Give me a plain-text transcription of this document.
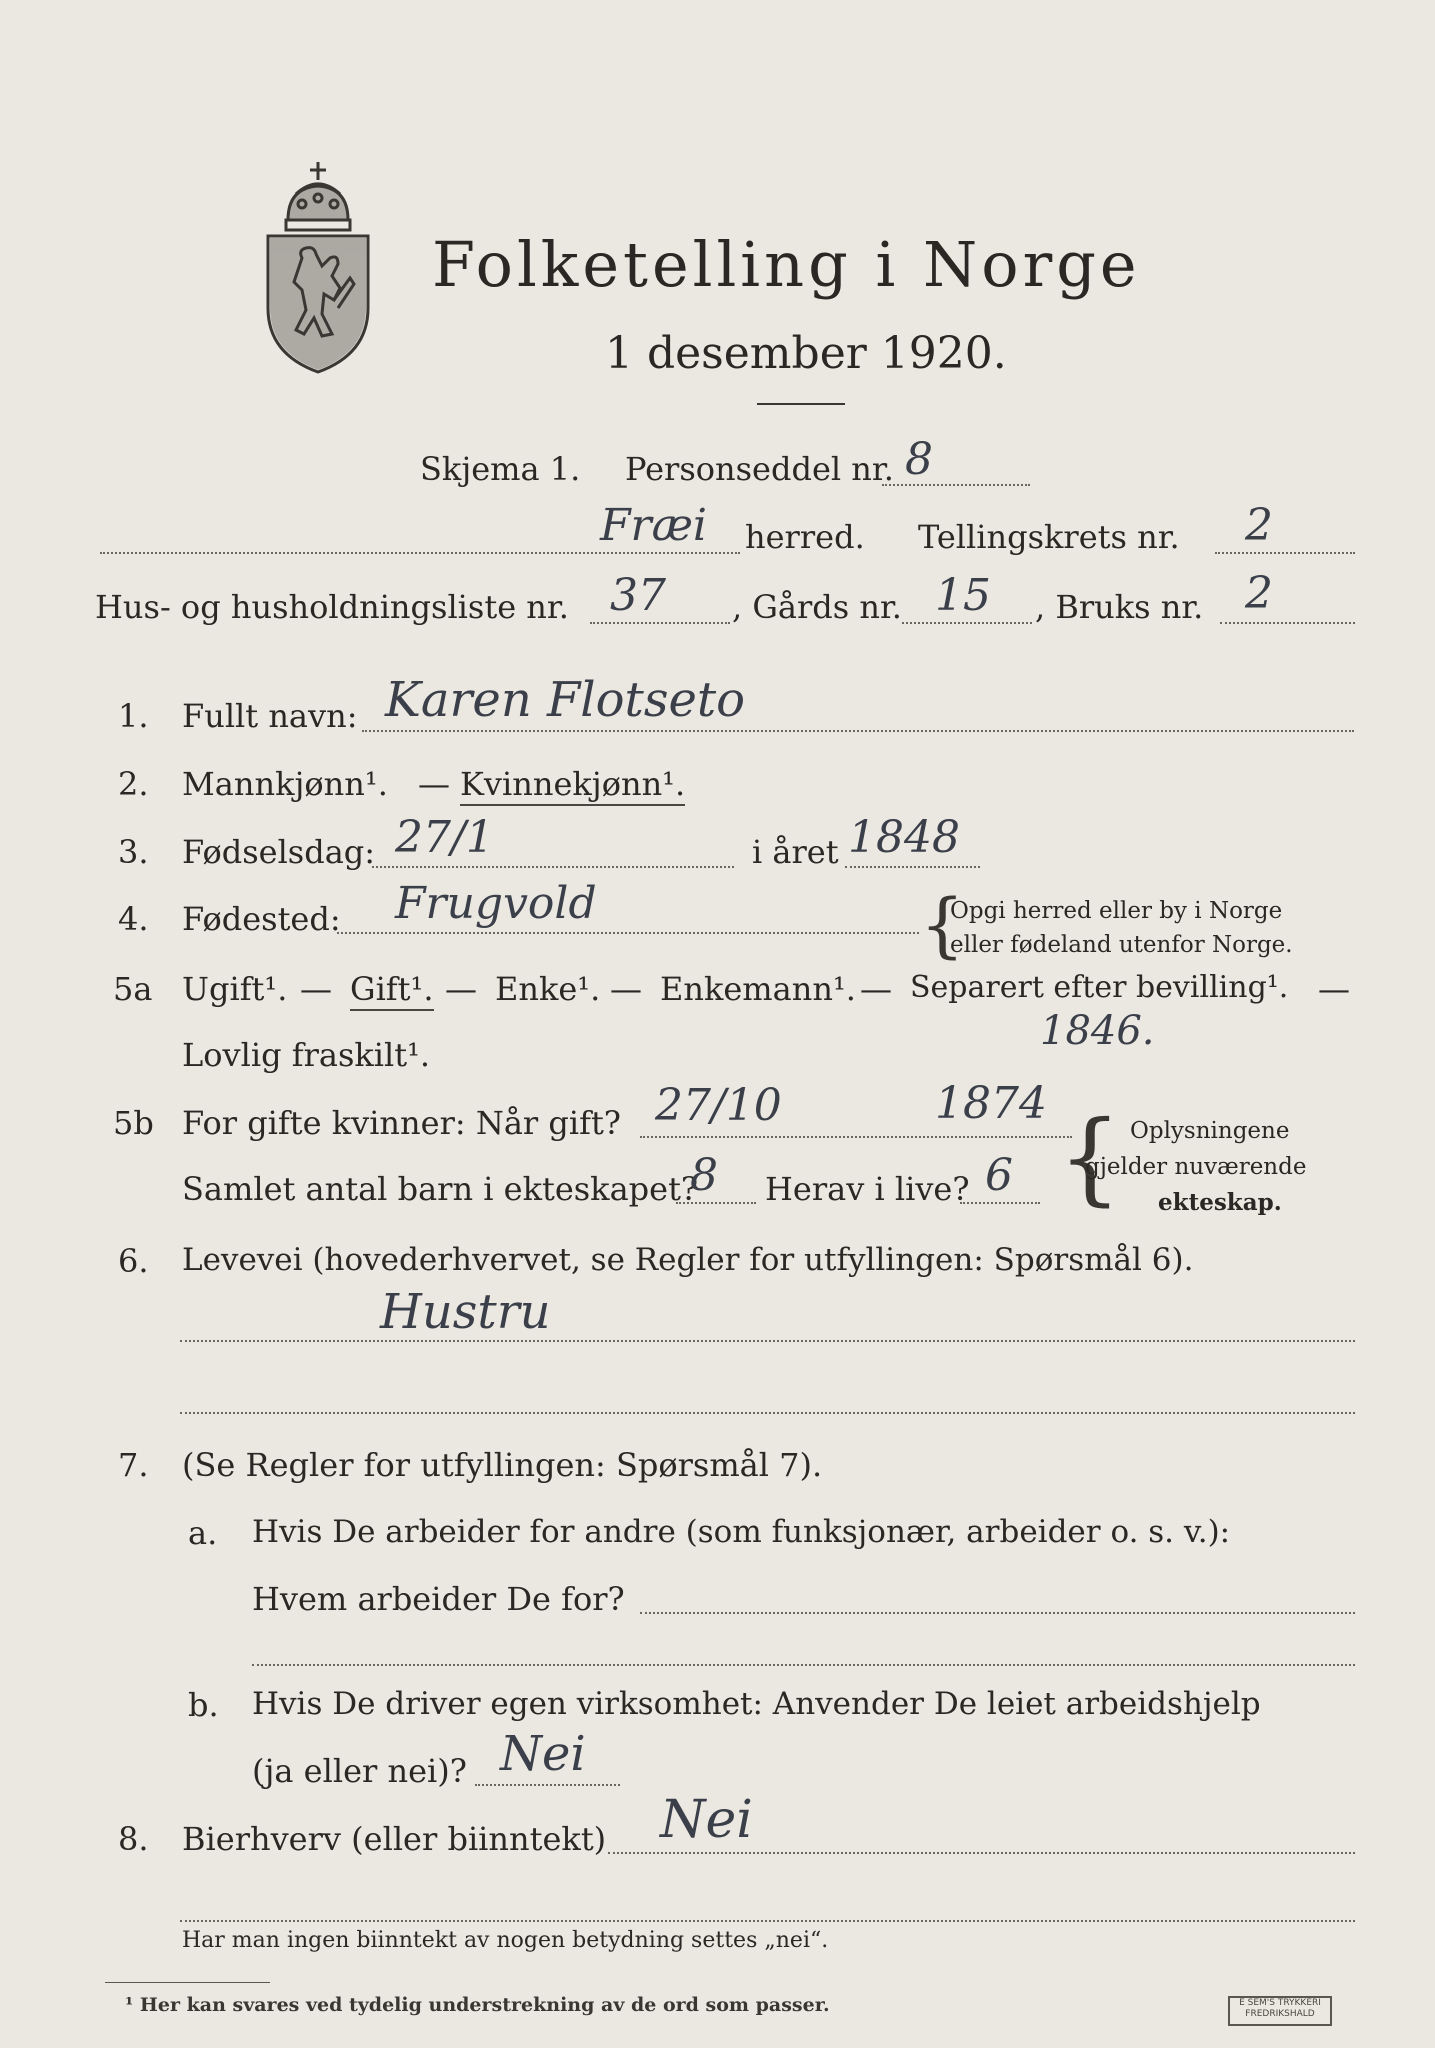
Folketelling i Norge
1 desember 1920.
Skjema 1. Personseddel nr. 8
Fræi herred. Tellingskrets nr. 2
Hus- og husholdningsliste nr. 37 , Gårds nr. 15 , Bruks nr. 2
1. Fullt navn: Karen Flotseto
2. Mannkjønn¹. — Kvinnekjønn¹.
3. Fødselsdag: 27/1	i året 1848
4. Fødested: Frugvold	{
Opgi herred eller by i Norge
eller fødeland utenfor Norge.
5a Ugift¹. — Gift¹. — Enke¹. — Enkemann¹. — Separert efter bevilling¹. —
Lovlig fraskilt¹.
1846.
5b For gifte kvinner: Når gift? 27/10	1874
Samlet antal barn i ekteskapet?
8 Herav i live? 6 { Oplysningene
gjelder nuværende
ekteskap.
6. Levevei (hovederhvervet, se Regler for utfyllingen: Spørsmål 6).
Hustru
7. (Se Regler for utfyllingen: Spørsmål 7).
a. Hvis De arbeider for andre (som funksjonær, arbeider o. s. v.):
Hvem arbeider De for?
b. Hvis De driver egen virksomhet: Anvender De leiet arbeidshjelp
(ja eller nei)? Nei
8. Bierhverv (eller biinntekt) Nei
Har man ingen biinntekt av nogen betydning settes „nei“.
¹ Her kan svares ved tydelig understrekning av de ord som passer.	E SEM'S TRYKKERI FREDRIKSHALD
